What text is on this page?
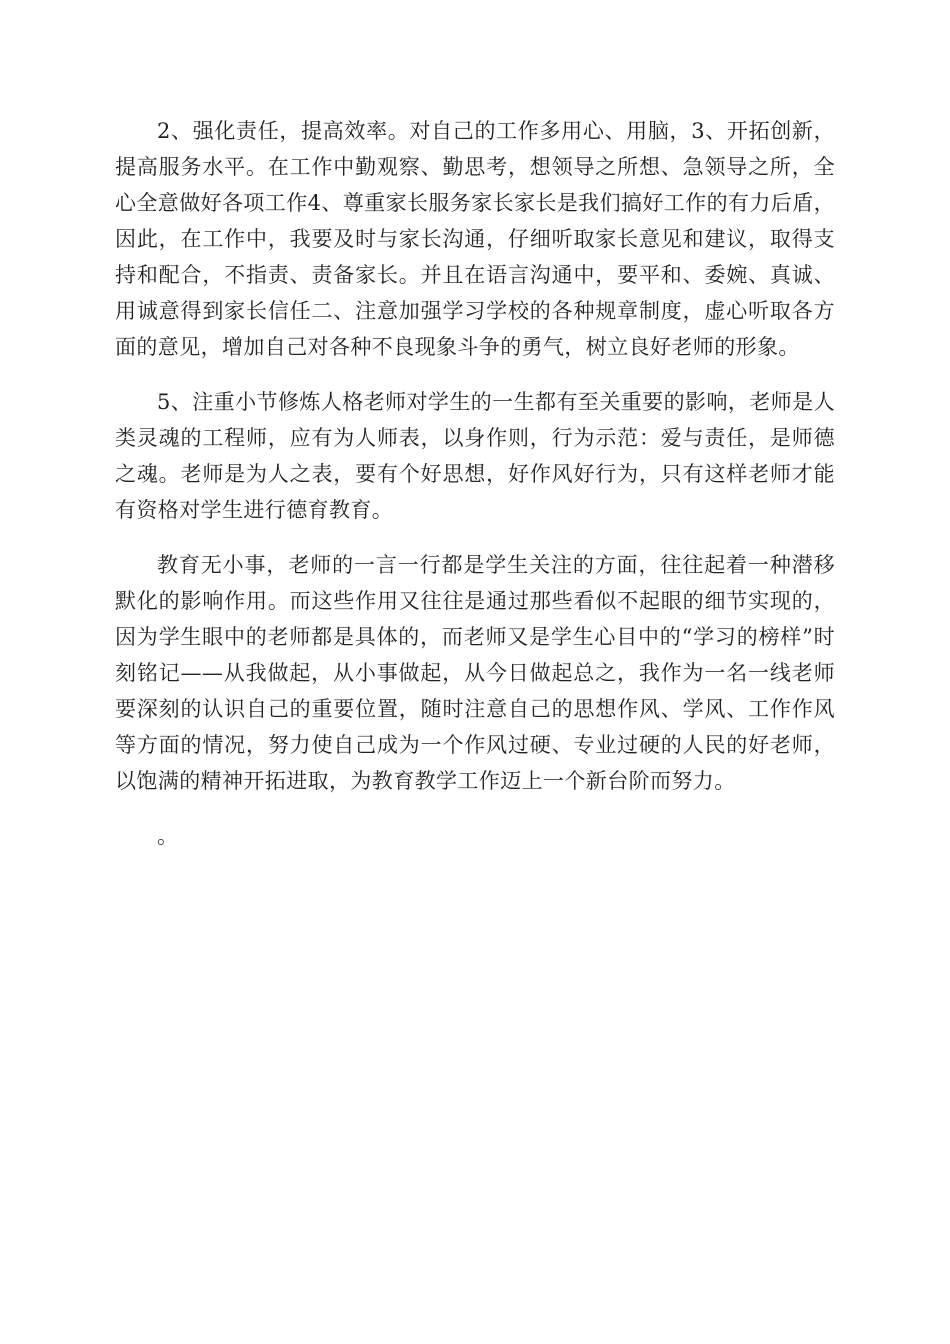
2、强化责任，提高效率。对自己的工作多用心、用脑，3、开拓创新，提高服务水平。在工作中勤观察、勤思考，想领导之所想、急领导之所，全心全意做好各项工作4、尊重家长服务家长家长是我们搞好工作的有力后盾，因此，在工作中，我要及时与家长沟通，仔细听取家长意见和建议，取得支持和配合，不指责、责备家长。并且在语言沟通中，要平和、委婉、真诚、用诚意得到家长信任二、注意加强学习学校的各种规章制度，虚心听取各方面的意见，增加自己对各种不良现象斗争的勇气，树立良好老师的形象。

5、注重小节修炼人格老师对学生的一生都有至关重要的影响，老师是人类灵魂的工程师，应有为人师表，以身作则，行为示范：爱与责任，是师德之魂。老师是为人之表，要有个好思想，好作风好行为，只有这样老师才能有资格对学生进行德育教育。

教育无小事，老师的一言一行都是学生关注的方面，往往起着一种潜移默化的影响作用。而这些作用又往往是通过那些看似不起眼的细节实现的，因为学生眼中的老师都是具体的，而老师又是学生心目中的“学习的榜样”时刻铭记——从我做起，从小事做起，从今日做起总之，我作为一名一线老师要深刻的认识自己的重要位置，随时注意自己的思想作风、学风、工作作风等方面的情况，努力使自己成为一个作风过硬、专业过硬的人民的好老师，以饱满的精神开拓进取，为教育教学工作迈上一个新台阶而努力。

。
